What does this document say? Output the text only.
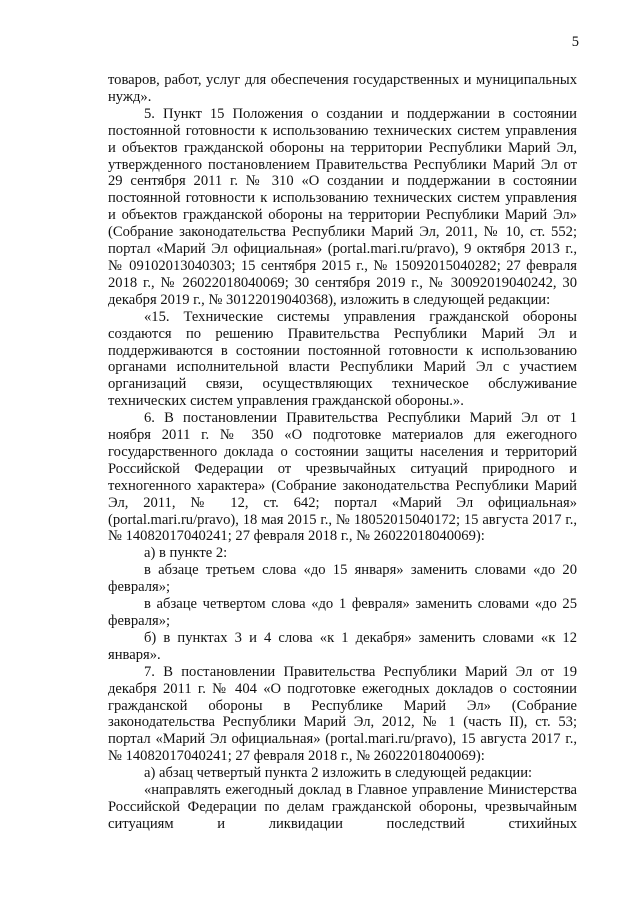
5

товаров, работ, услуг для обеспечения государственных и муниципальных нужд».

5. Пункт 15 Положения о создании и поддержании в состоянии постоянной готовности к использованию технических систем управления и объектов гражданской обороны на территории Республики Марий Эл, утвержденного постановлением Правительства Республики Марий Эл от 29 сентября 2011 г. № 310 «О создании и поддержании в состоянии постоянной готовности к использованию технических систем управления и объектов гражданской обороны на территории Республики Марий Эл» (Собрание законодательства Республики Марий Эл, 2011, № 10, ст. 552; портал «Марий Эл официальная» (portal.mari.ru/pravo), 9 октября 2013 г., № 09102013040303; 15 сентября 2015 г., № 15092015040282; 27 февраля 2018 г., № 26022018040069; 30 сентября 2019 г., № 30092019040242, 30 декабря 2019 г., № 30122019040368), изложить в следующей редакции:

«15. Технические системы управления гражданской обороны создаются по решению Правительства Республики Марий Эл и поддерживаются в состоянии постоянной готовности к использованию органами исполнительной власти Республики Марий Эл с участием организаций связи, осуществляющих техническое обслуживание технических систем управления гражданской обороны.».

6. В постановлении Правительства Республики Марий Эл от 1 ноября 2011 г. № 350 «О подготовке материалов для ежегодного государственного доклада о состоянии защиты населения и территорий Российской Федерации от чрезвычайных ситуаций природного и техногенного характера» (Собрание законодательства Республики Марий Эл, 2011, № 12, ст. 642; портал «Марий Эл официальная» (portal.mari.ru/pravo), 18 мая 2015 г., № 18052015040172; 15 августа 2017 г., № 14082017040241; 27 февраля 2018 г., № 26022018040069):

а) в пункте 2:

в абзаце третьем слова «до 15 января» заменить словами «до 20 февраля»;

в абзаце четвертом слова «до 1 февраля» заменить словами «до 25 февраля»;

б) в пунктах 3 и 4 слова «к 1 декабря» заменить словами «к 12 января».

7. В постановлении Правительства Республики Марий Эл от 19 декабря 2011 г. № 404 «О подготовке ежегодных докладов о состоянии гражданской обороны в Республике Марий Эл» (Собрание законодательства Республики Марий Эл, 2012, № 1 (часть II), ст. 53; портал «Марий Эл официальная» (portal.mari.ru/pravo), 15 августа 2017 г., № 14082017040241; 27 февраля 2018 г., № 26022018040069):

а) абзац четвертый пункта 2 изложить в следующей редакции:

«направлять ежегодный доклад в Главное управление Министерства Российской Федерации по делам гражданской обороны, чрезвычайным ситуациям и ликвидации последствий стихийных
